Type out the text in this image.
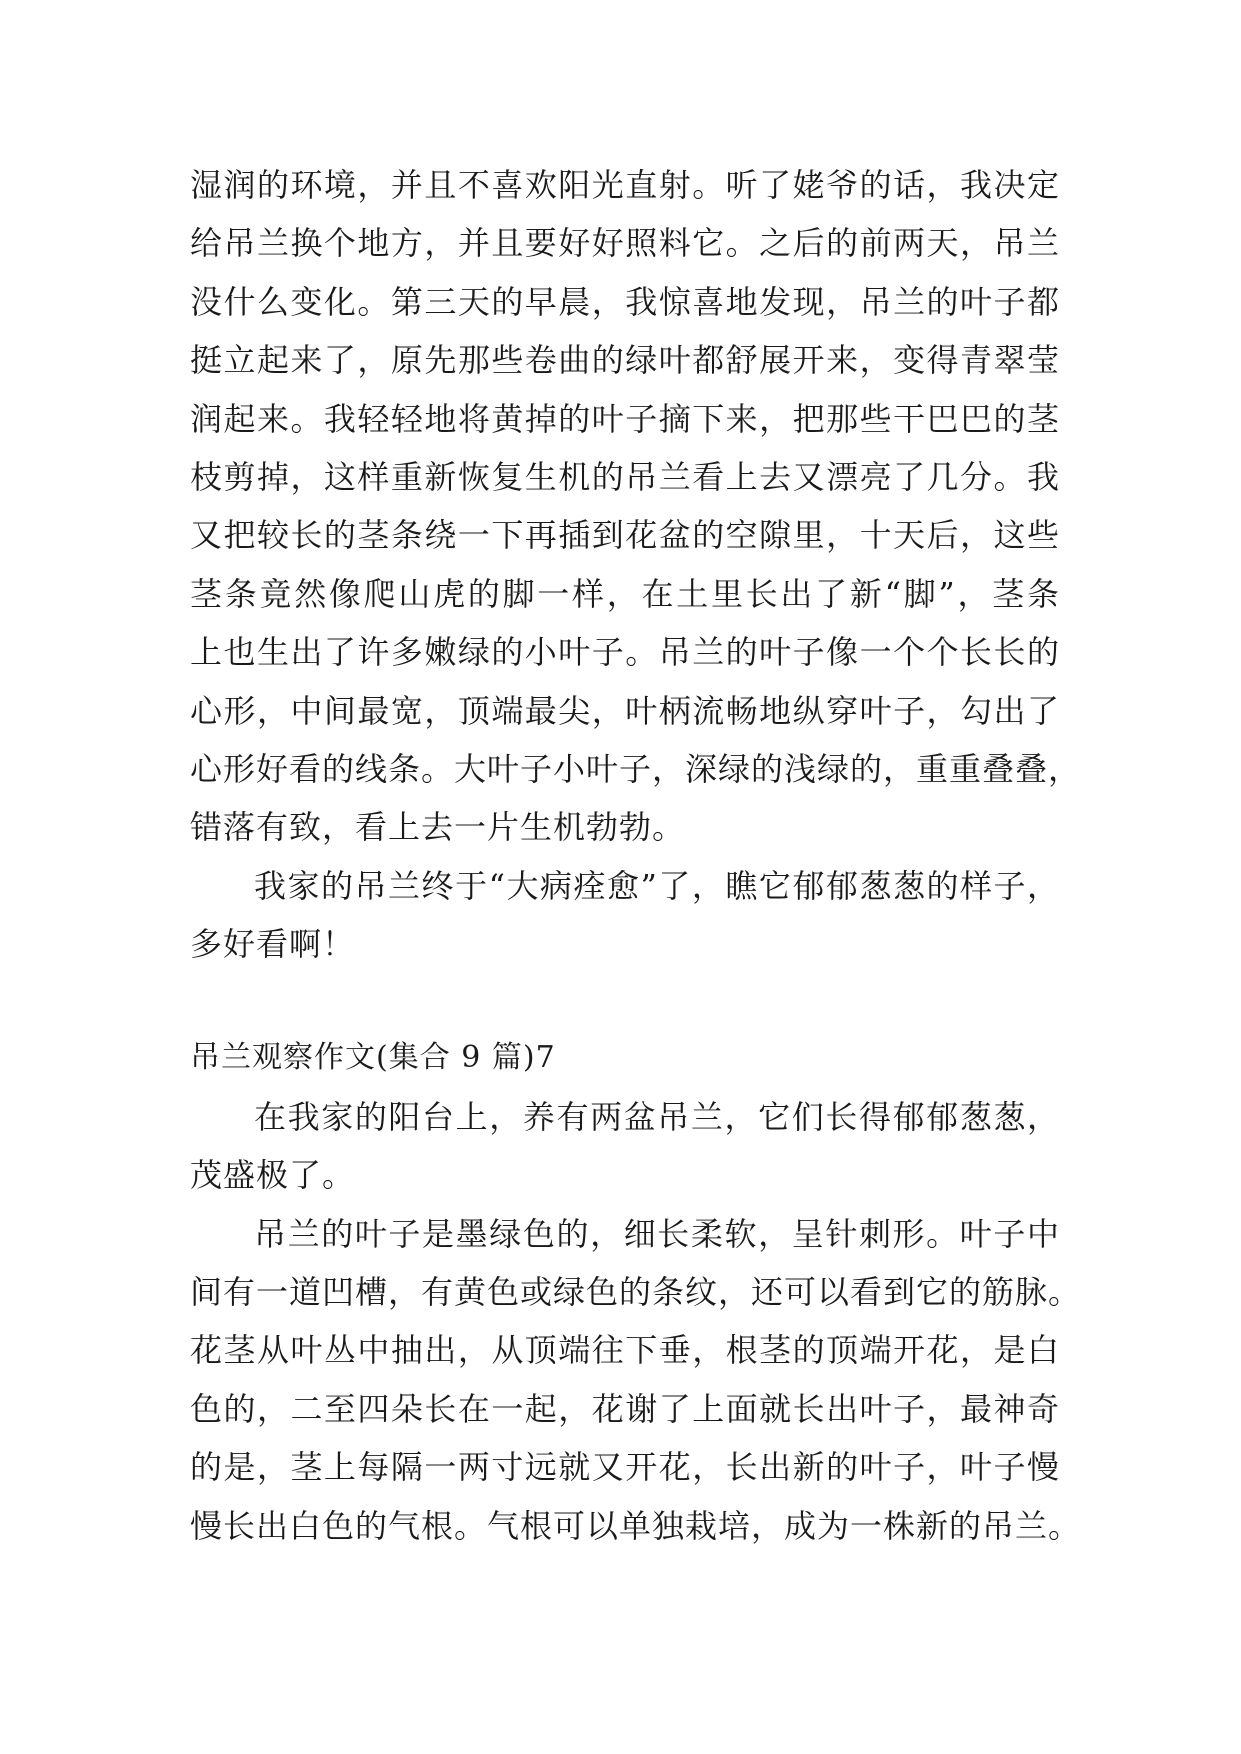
湿润的环境，并且不喜欢阳光直射。听了姥爷的话，我决定
给吊兰换个地方，并且要好好照料它。之后的前两天，吊兰
没什么变化。第三天的早晨，我惊喜地发现，吊兰的叶子都
挺立起来了，原先那些卷曲的绿叶都舒展开来，变得青翠莹
润起来。我轻轻地将黄掉的叶子摘下来，把那些干巴巴的茎
枝剪掉，这样重新恢复生机的吊兰看上去又漂亮了几分。我
又把较长的茎条绕一下再插到花盆的空隙里，十天后，这些
茎条竟然像爬山虎的脚一样，在土里长出了新“脚”，茎条
上也生出了许多嫩绿的小叶子。吊兰的叶子像一个个长长的
心形，中间最宽，顶端最尖，叶柄流畅地纵穿叶子，勾出了
心形好看的线条。大叶子小叶子，深绿的浅绿的，重重叠叠，
错落有致，看上去一片生机勃勃。
我家的吊兰终于“大病痊愈”了，瞧它郁郁葱葱的样子，
多好看啊！
吊兰观察作文(集合 9 篇)7
在我家的阳台上，养有两盆吊兰，它们长得郁郁葱葱，
茂盛极了。
吊兰的叶子是墨绿色的，细长柔软，呈针刺形。叶子中
间有一道凹槽，有黄色或绿色的条纹，还可以看到它的筋脉。
花茎从叶丛中抽出，从顶端往下垂，根茎的顶端开花，是白
色的，二至四朵长在一起，花谢了上面就长出叶子，最神奇
的是，茎上每隔一两寸远就又开花，长出新的叶子，叶子慢
慢长出白色的气根。气根可以单独栽培，成为一株新的吊兰。
